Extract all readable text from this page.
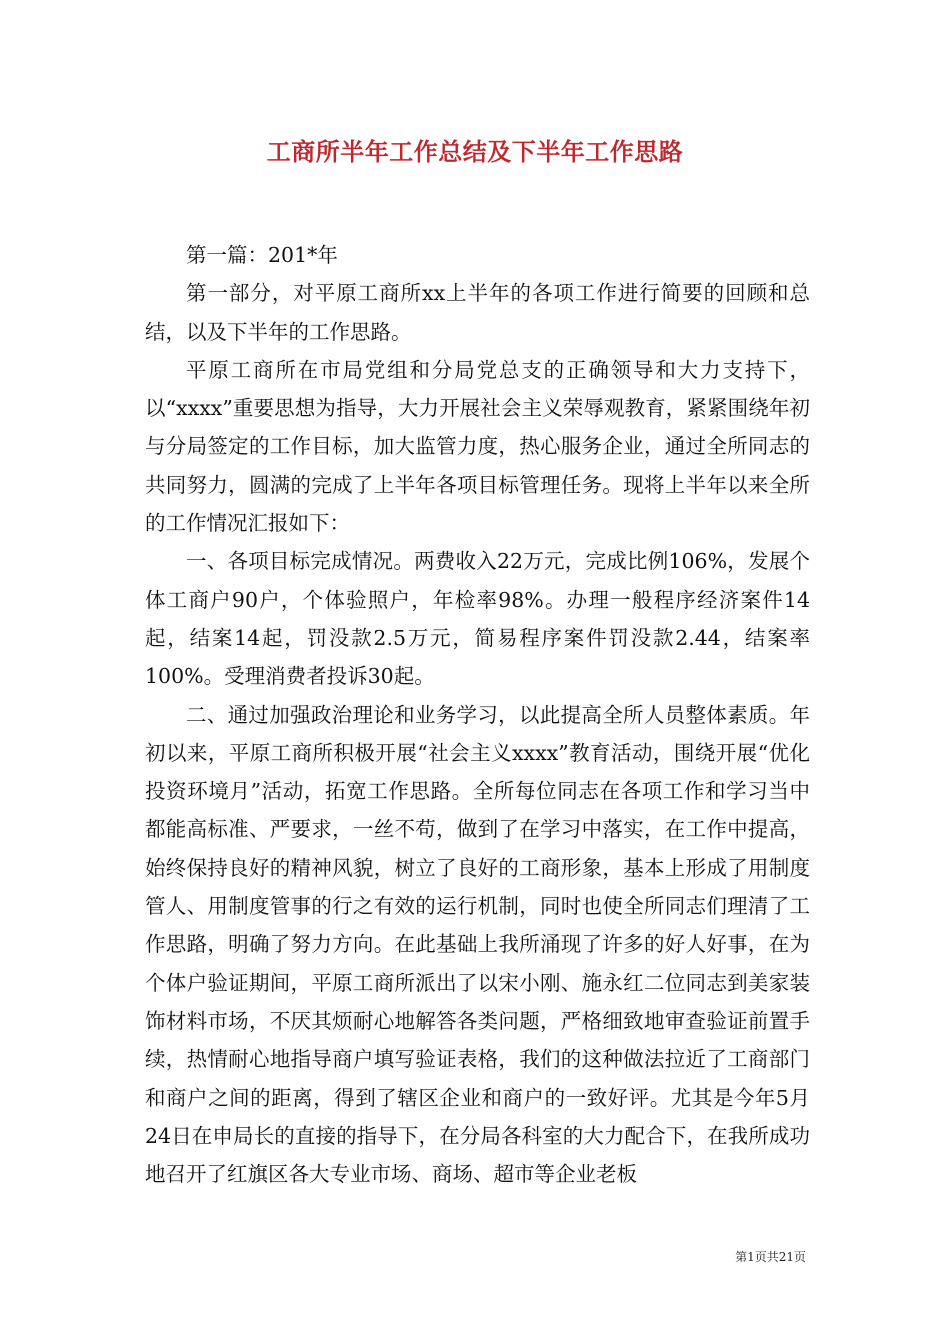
工商所半年工作总结及下半年工作思路

第一篇：201*年

第一部分，对平原工商所xx上半年的各项工作进行简要的回顾和总结，以及下半年的工作思路。

平原工商所在市局党组和分局党总支的正确领导和大力支持下，以“xxxx”重要思想为指导，大力开展社会主义荣辱观教育，紧紧围绕年初与分局签定的工作目标，加大监管力度，热心服务企业，通过全所同志的共同努力，圆满的完成了上半年各项目标管理任务。现将上半年以来全所的工作情况汇报如下：

一、各项目标完成情况。两费收入22万元，完成比例106%，发展个体工商户90户，个体验照户，年检率98%。办理一般程序经济案件14起，结案14起，罚没款2.5万元，简易程序案件罚没款2.44，结案率100%。受理消费者投诉30起。

二、通过加强政治理论和业务学习，以此提高全所人员整体素质。年初以来，平原工商所积极开展“社会主义xxxx”教育活动，围绕开展“优化投资环境月”活动，拓宽工作思路。全所每位同志在各项工作和学习当中都能高标准、严要求，一丝不苟，做到了在学习中落实，在工作中提高，始终保持良好的精神风貌，树立了良好的工商形象，基本上形成了用制度管人、用制度管事的行之有效的运行机制，同时也使全所同志们理清了工作思路，明确了努力方向。在此基础上我所涌现了许多的好人好事，在为个体户验证期间，平原工商所派出了以宋小刚、施永红二位同志到美家装饰材料市场，不厌其烦耐心地解答各类问题，严格细致地审查验证前置手续，热情耐心地指导商户填写验证表格，我们的这种做法拉近了工商部门和商户之间的距离，得到了辖区企业和商户的一致好评。尤其是今年5月24日在申局长的直接的指导下，在分局各科室的大力配合下，在我所成功地召开了红旗区各大专业市场、商场、超市等企业老板

第1页共21页
